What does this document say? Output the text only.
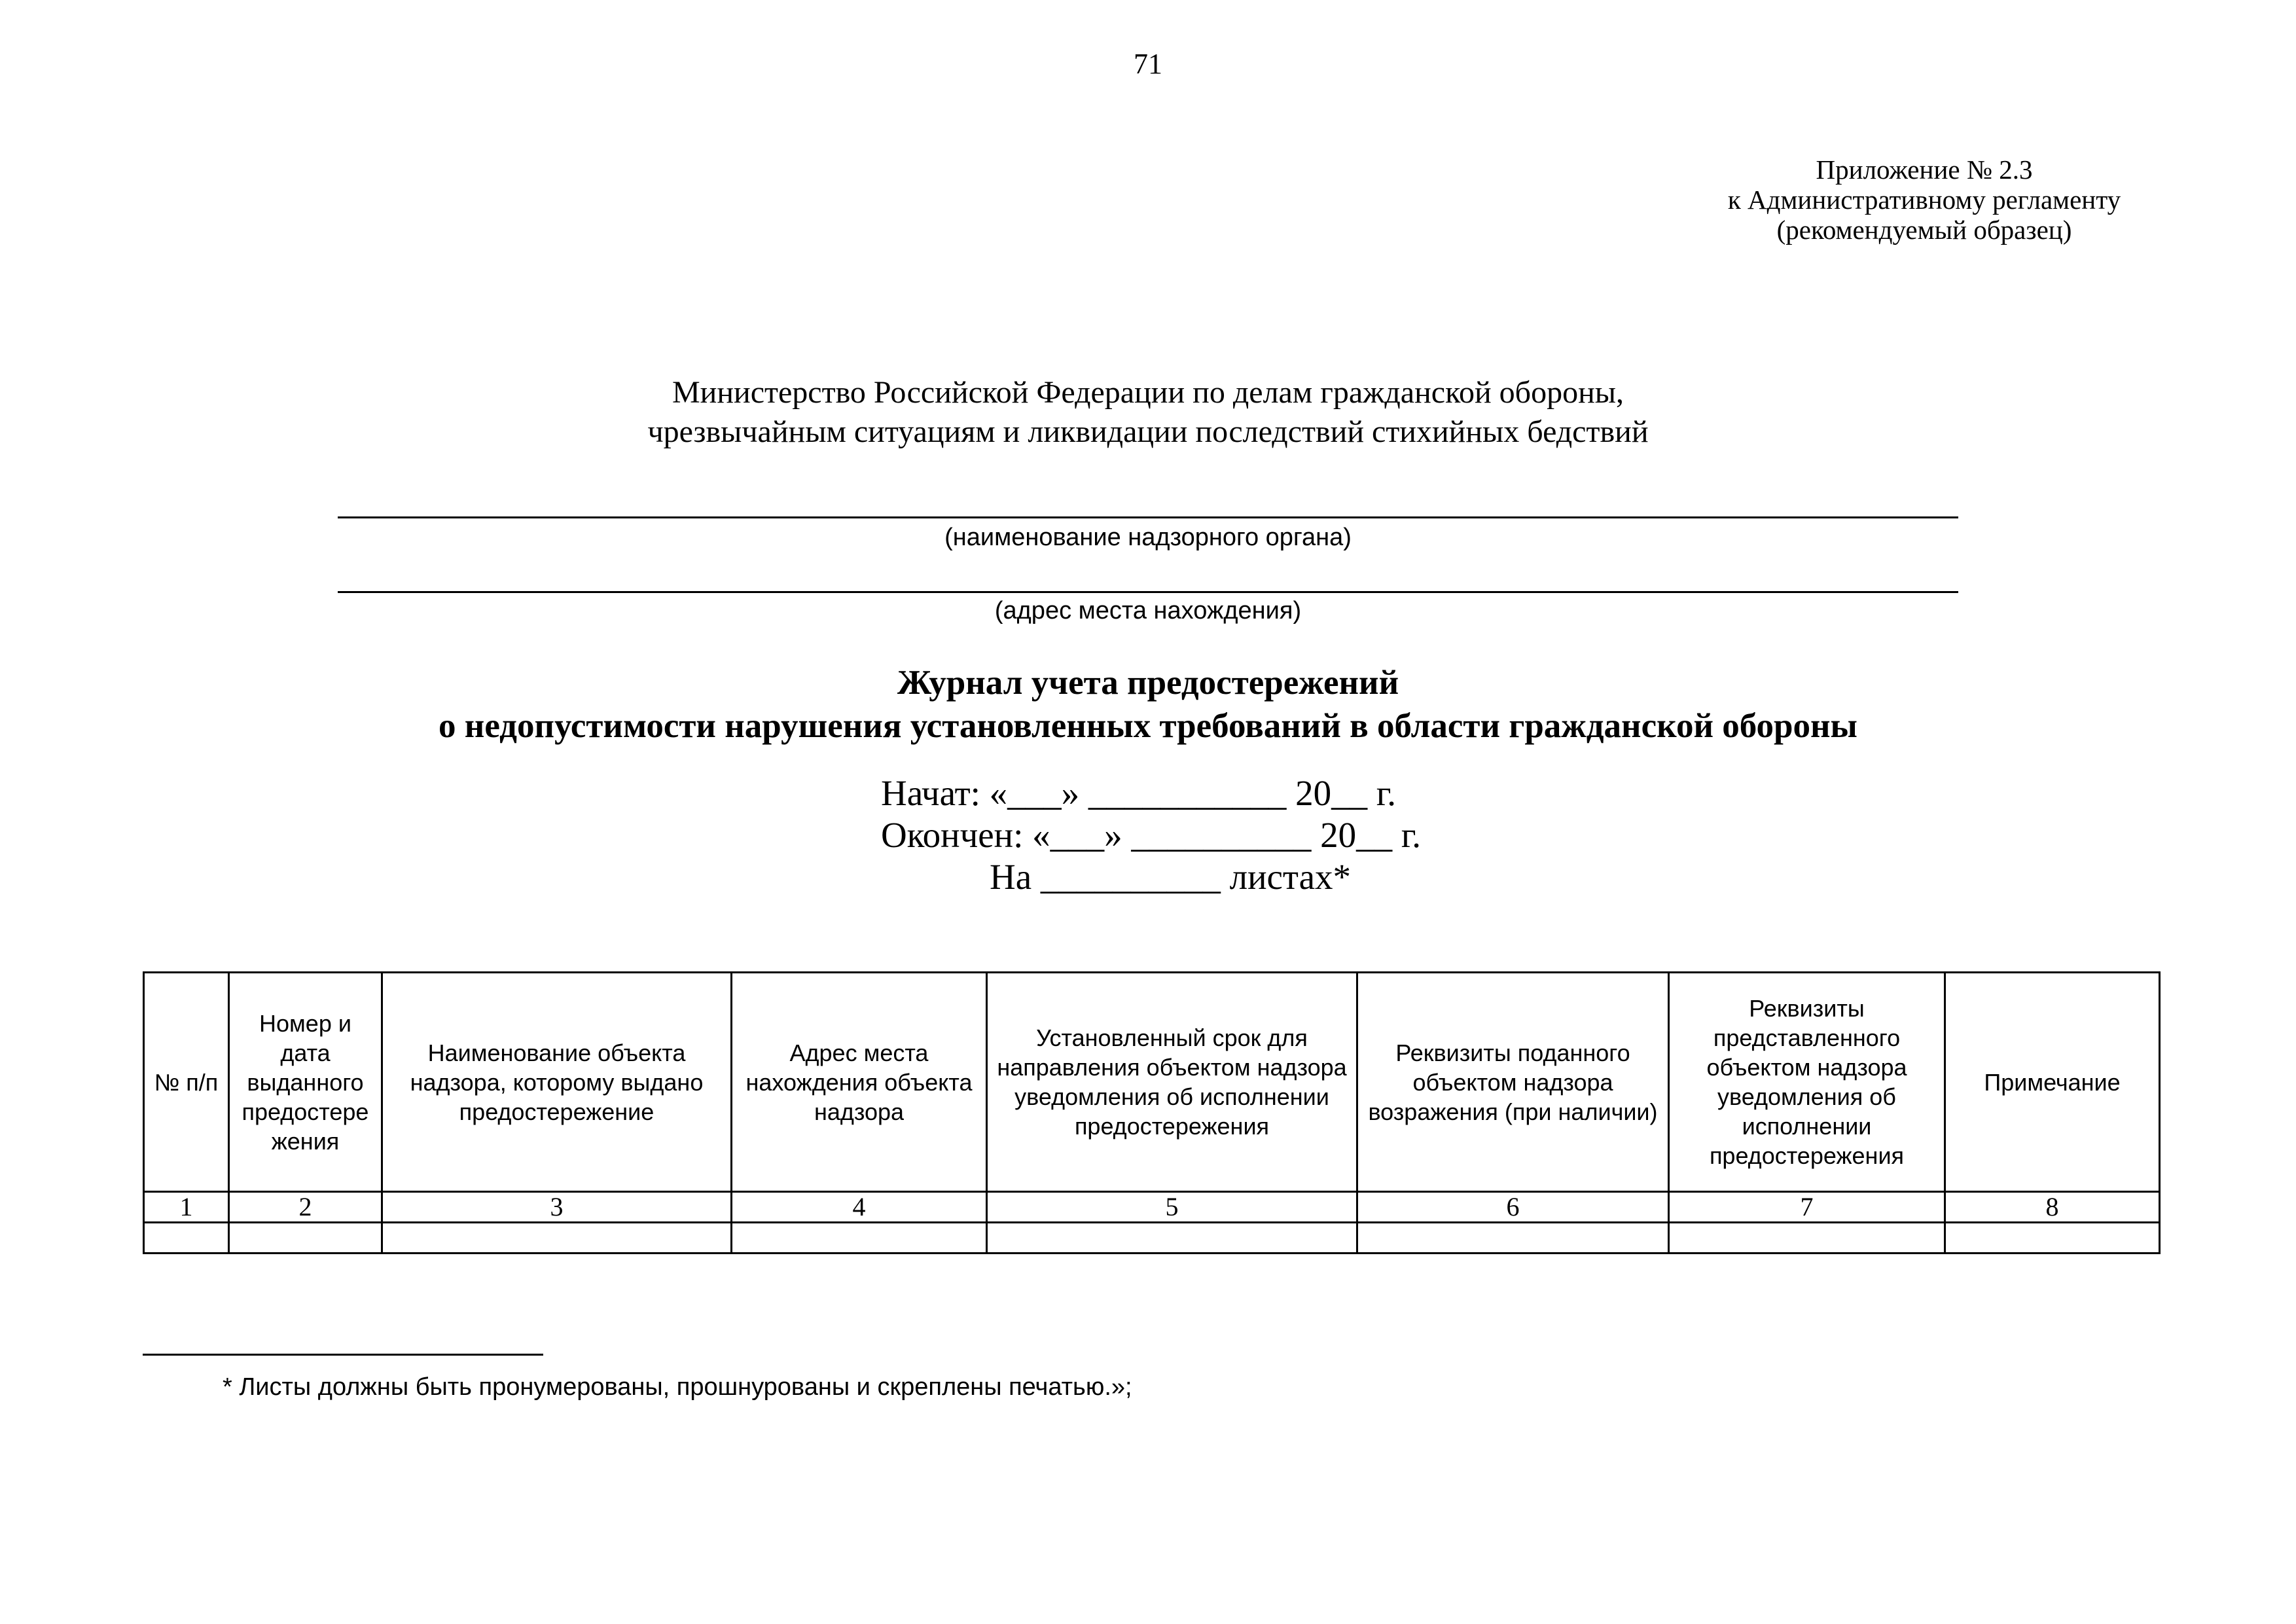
71
Приложение № 2.3
к Административному регламенту
(рекомендуемый образец)
Министерство Российской Федерации по делам гражданской обороны,
чрезвычайным ситуациям и ликвидации последствий стихийных бедствий
(наименование надзорного органа)
(адрес места нахождения)
Журнал учета предостережений
о недопустимости нарушения установленных требований в области гражданской обороны
Начат: «___» ___________ 20__ г.
Окончен: «___» __________ 20__ г.
На __________ листах*
№ п/п	Номер и дата выданного предостере жения	Наименование объекта надзора, которому выдано предостережение	Адрес места нахождения объекта надзора	Установленный срок для направления объектом надзора уведомления об исполнении предостережения	Реквизиты поданного объектом надзора возражения (при наличии)	Реквизиты представленного объектом надзора уведомления об исполнении предостережения	Примечание
1	2	3	4	5	6	7	8

* Листы должны быть пронумерованы, прошнурованы и скреплены печатью.»;
